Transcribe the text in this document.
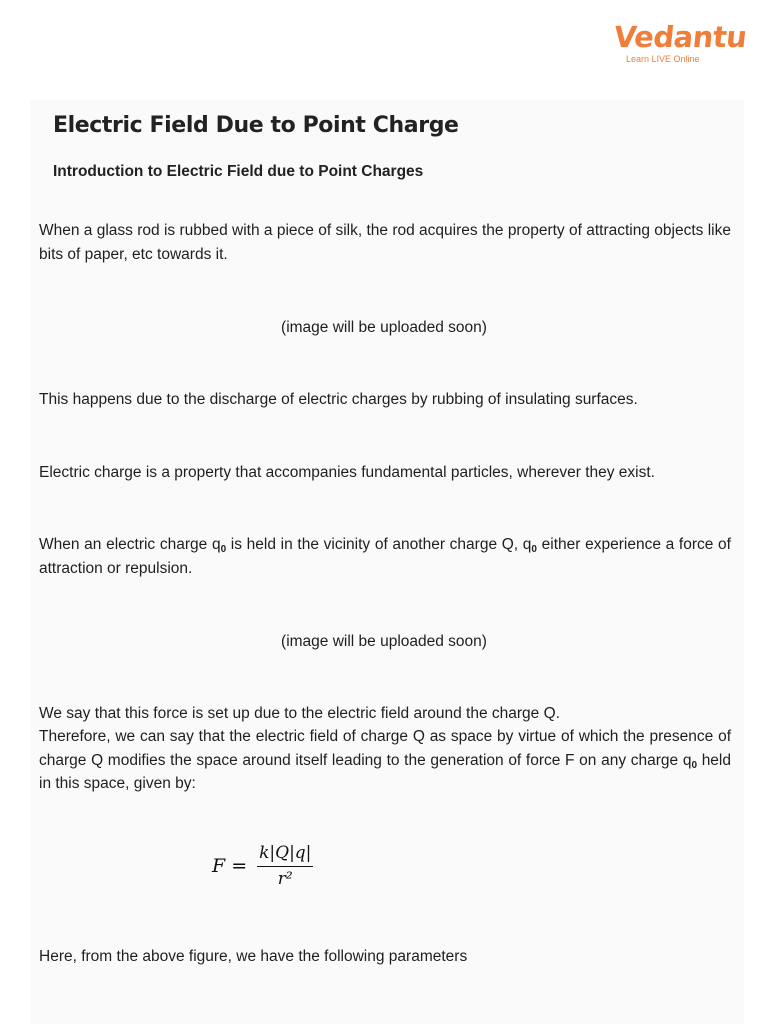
Vedantu
Learn LIVE Online
Electric Field Due to Point Charge
Introduction to Electric Field due to Point Charges

When a glass rod is rubbed with a piece of silk, the rod acquires the property of attracting objects like bits of paper, etc towards it.

(image will be uploaded soon)

This happens due to the discharge of electric charges by rubbing of insulating surfaces.

Electric charge is a property that accompanies fundamental particles, wherever they exist.

When an electric charge $q_0$ is held in the vicinity of another charge Q, $q_0$ either experience a force of attraction or repulsion.

(image will be uploaded soon)

We say that this force is set up due to the electric field around the charge Q.

Therefore, we can say that the electric field of charge Q as space by virtue of which the presence of charge Q modifies the space around itself leading to the generation of force F on any charge $q_0$ held in this space, given by:

$F = \frac{k|Q|q|}{\text{r²}}$

Here, from the above figure, we have the following parameters
